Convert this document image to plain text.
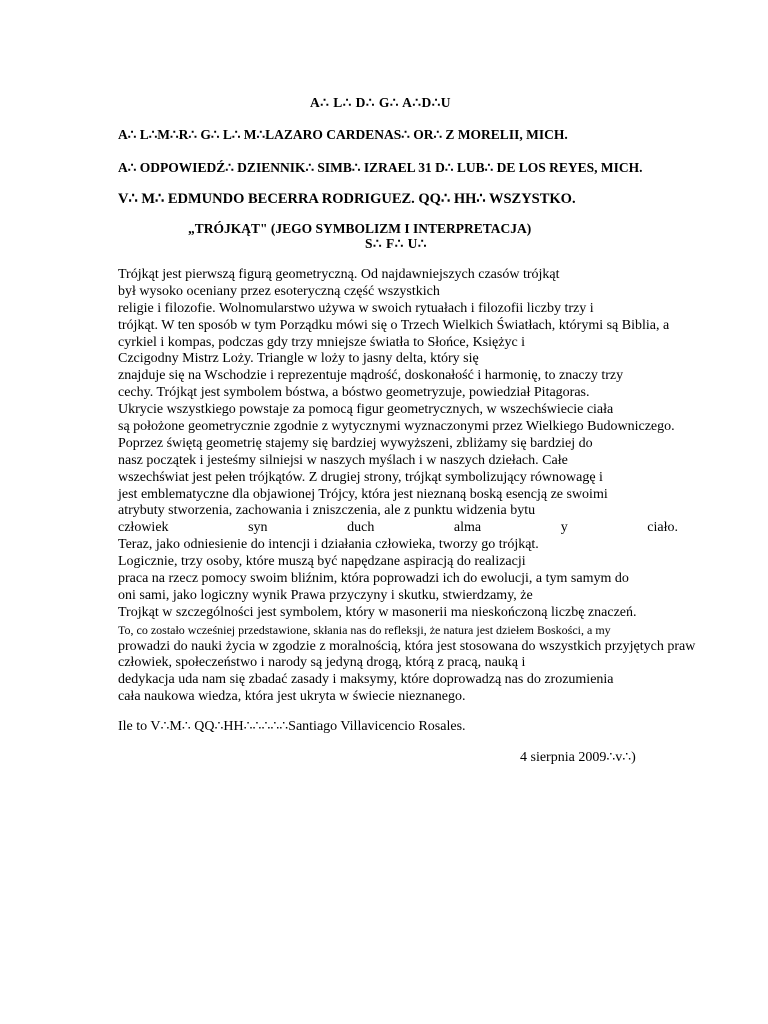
A∴ L∴ D∴ G∴ A∴D∴U

A∴ L∴M∴R∴ G∴ L∴ M∴LAZARO CARDENAS∴ OR∴ Z MORELII, MICH.

A∴ ODPOWIEDŹ∴ DZIENNIK∴ SIMB∴ IZRAEL 31 D∴ LUB∴ DE LOS REYES, MICH.

V∴ M∴ EDMUNDO BECERRA RODRIGUEZ. QQ∴ HH∴ WSZYSTKO.

„TRÓJKĄT" (JEGO SYMBOLIZM I INTERPRETACJA)

S∴ F∴ U∴

Trójkąt jest pierwszą figurą geometryczną. Od najdawniejszych czasów trójkąt
był wysoko oceniany przez esoteryczną część wszystkich
religie i filozofie. Wolnomularstwo używa w swoich rytuałach i filozofii liczby trzy i
trójkąt. W ten sposób w tym Porządku mówi się o Trzech Wielkich Światłach, którymi są Biblia, a
cyrkiel i kompas, podczas gdy trzy mniejsze światła to Słońce, Księżyc i
Czcigodny Mistrz Loży. Triangle w loży to jasny delta, który się
znajduje się na Wschodzie i reprezentuje mądrość, doskonałość i harmonię, to znaczy trzy
cechy. Trójkąt jest symbolem bóstwa, a bóstwo geometryzuje, powiedział Pitagoras.
Ukrycie wszystkiego powstaje za pomocą figur geometrycznych, w wszechświecie ciała
są położone geometrycznie zgodnie z wytycznymi wyznaczonymi przez Wielkiego Budowniczego.
Poprzez świętą geometrię stajemy się bardziej wywyższeni, zbliżamy się bardziej do
nasz początek i jesteśmy silniejsi w naszych myślach i w naszych dziełach. Całe
wszechświat jest pełen trójkątów. Z drugiej strony, trójkąt symbolizujący równowagę i
jest emblematyczne dla objawionej Trójcy, która jest nieznaną boską esencją ze swoimi
atrybuty stworzenia, zachowania i zniszczenia, ale z punktu widzenia bytu
człowiek syn duch alma y ciało.
Teraz, jako odniesienie do intencji i działania człowieka, tworzy go trójkąt.
Logicznie, trzy osoby, które muszą być napędzane aspiracją do realizacji
praca na rzecz pomocy swoim bliźnim, która poprowadzi ich do ewolucji, a tym samym do
oni sami, jako logiczny wynik Prawa przyczyny i skutku, stwierdzamy, że
Trojkąt w szczególności jest symbolem, który w masonerii ma nieskończoną liczbę znaczeń.
To, co zostało wcześniej przedstawione, skłania nas do refleksji, że natura jest dziełem Boskości, a my
prowadzi do nauki życia w zgodzie z moralnością, która jest stosowana do wszystkich przyjętych praw
człowiek, społeczeństwo i narody są jedyną drogą, którą z pracą, nauką i
dedykacja uda nam się zbadać zasady i maksymy, które doprowadzą nas do zrozumienia
cała naukowa wiedza, która jest ukryta w świecie nieznanego.

Ile to V∴M∴ QQ∴HH∴∴∴∴∴Santiago Villavicencio Rosales.

4 sierpnia 2009∴v∴)
